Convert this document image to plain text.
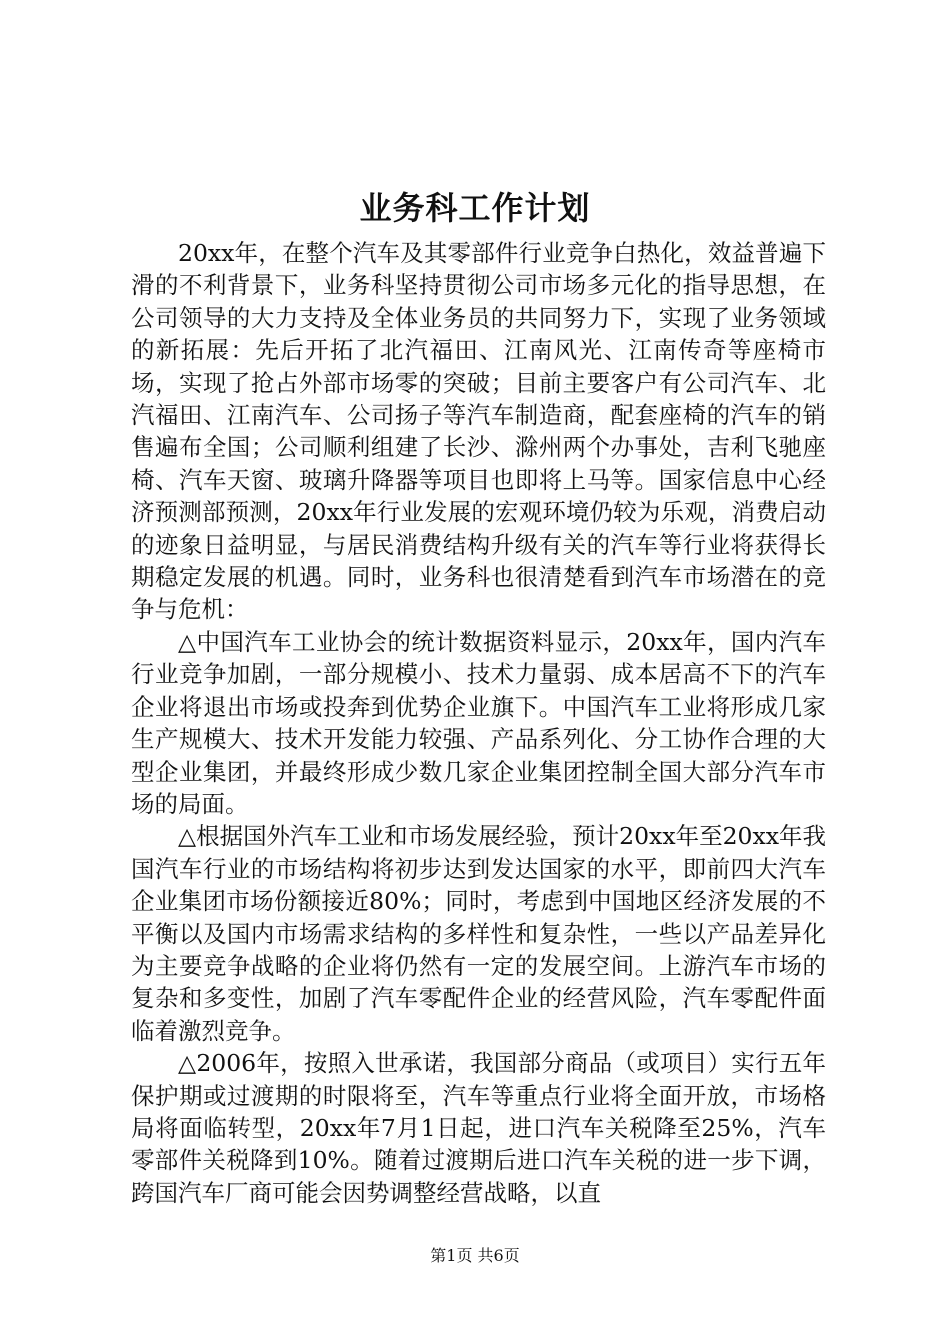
业务科工作计划

20xx年，在整个汽车及其零部件行业竞争白热化，效益普遍下滑的不利背景下，业务科坚持贯彻公司市场多元化的指导思想，在公司领导的大力支持及全体业务员的共同努力下，实现了业务领域的新拓展：先后开拓了北汽福田、江南风光、江南传奇等座椅市场，实现了抢占外部市场零的突破；目前主要客户有公司汽车、北汽福田、江南汽车、公司扬子等汽车制造商，配套座椅的汽车的销售遍布全国；公司顺利组建了长沙、滁州两个办事处，吉利飞驰座椅、汽车天窗、玻璃升降器等项目也即将上马等。国家信息中心经济预测部预测，20xx年行业发展的宏观环境仍较为乐观，消费启动的迹象日益明显，与居民消费结构升级有关的汽车等行业将获得长期稳定发展的机遇。同时，业务科也很清楚看到汽车市场潜在的竞争与危机：

△中国汽车工业协会的统计数据资料显示，20xx年，国内汽车行业竞争加剧，一部分规模小、技术力量弱、成本居高不下的汽车企业将退出市场或投奔到优势企业旗下。中国汽车工业将形成几家生产规模大、技术开发能力较强、产品系列化、分工协作合理的大型企业集团，并最终形成少数几家企业集团控制全国大部分汽车市场的局面。

△根据国外汽车工业和市场发展经验，预计20xx年至20xx年我国汽车行业的市场结构将初步达到发达国家的水平，即前四大汽车企业集团市场份额接近80%；同时，考虑到中国地区经济发展的不平衡以及国内市场需求结构的多样性和复杂性，一些以产品差异化为主要竞争战略的企业将仍然有一定的发展空间。上游汽车市场的复杂和多变性，加剧了汽车零配件企业的经营风险，汽车零配件面临着激烈竞争。

△2006年，按照入世承诺，我国部分商品（或项目）实行五年保护期或过渡期的时限将至，汽车等重点行业将全面开放，市场格局将面临转型，20xx年7月1日起，进口汽车关税降至25%，汽车零部件关税降到10%。随着过渡期后进口汽车关税的进一步下调，跨国汽车厂商可能会因势调整经营战略，以直

第1页 共6页
